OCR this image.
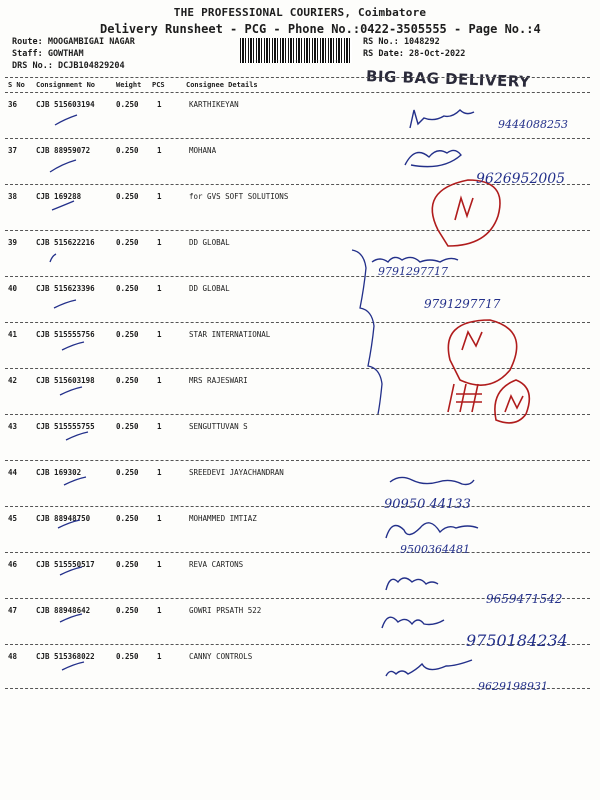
THE PROFESSIONAL COURIERS, Coimbatore
Delivery Runsheet - PCG - Phone No.:0422-3505555 - Page No.:4
Route: MOOGAMBIGAI NAGAR
Staff: GOWTHAM
DRS No.: DCJB104829204
RS No.: 1048292
RS Date: 28-Oct-2022
BIG BAG DELIVERY
S No Consignment No	Weight PCS	Consignee Details
36	CJB 515603194	0.250 1	KARTHIKEYAN
37	CJB 88959072	0.250 1	MOHANA
38	CJB 169288	0.250 1	for GVS SOFT SOLUTIONS
39	CJB 515622216	0.250 1	DD GLOBAL
40	CJB 515623396	0.250 1	DD GLOBAL
41	CJB 515555756	0.250 1	STAR INTERNATIONAL
42	CJB 515603198	0.250 1	MRS RAJESWARI
43	CJB 515555755	0.250 1	SENGUTTUVAN S
44	CJB 169302	0.250 1	SREEDEVI JAYACHANDRAN
45	CJB 88948750	0.250 1	MOHAMMED IMTIAZ
46	CJB 515550517	0.250 1	REVA CARTONS
47	CJB 88948642	0.250 1	GOWRI PRSATH 522
48	CJB 515368022	0.250 1	CANNY CONTROLS
9444088253
9626952005
9791297717
9791297717
90950 44133
9500364481
9659471542
9750184234
9629198931
